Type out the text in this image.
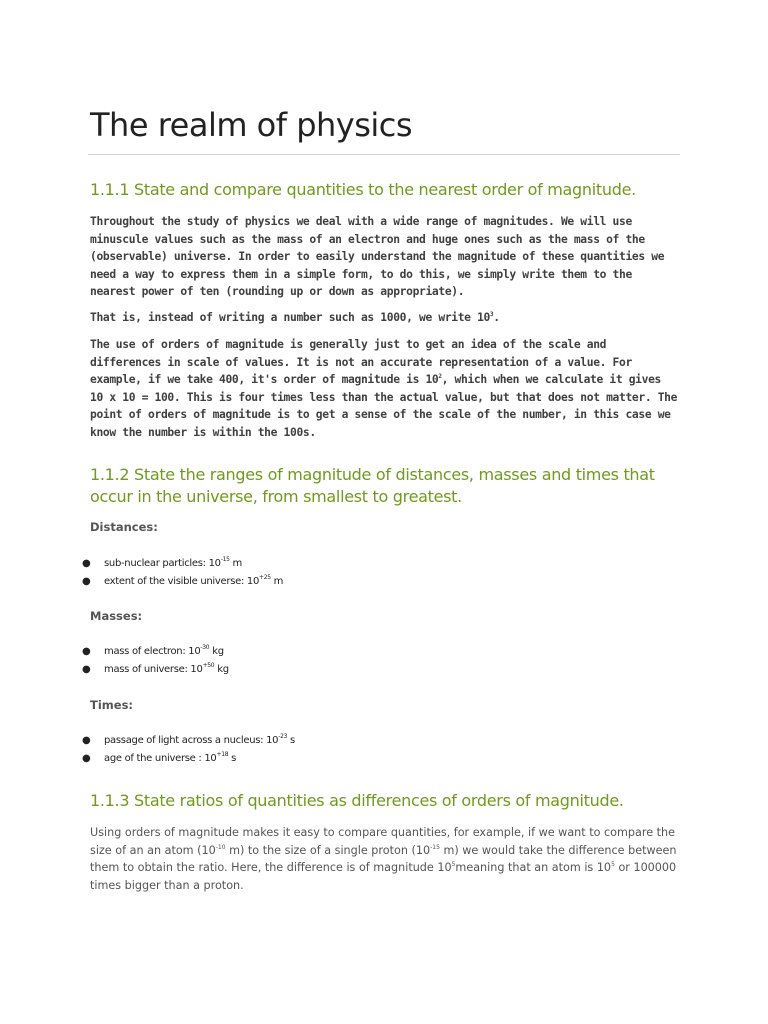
The realm of physics
1.1.1 State and compare quantities to the nearest order of magnitude.

Throughout the study of physics we deal with a wide range of magnitudes. We will use minuscule values such as the mass of an electron and huge ones such as the mass of the (observable) universe. In order to easily understand the magnitude of these quantities we need a way to express them in a simple form, to do this, we simply write them to the nearest power of ten (rounding up or down as appropriate).

That is, instead of writing a number such as 1000, we write $10^3$.

The use of orders of magnitude is generally just to get an idea of the scale and differences in scale of values. It is not an accurate representation of a value. For example, if we take 400, it's order of magnitude is $10^2$, which when we calculate it gives 10 x 10 = 100. This is four times less than the actual value, but that does not matter. The point of orders of magnitude is to get a sense of the scale of the number, in this case we know the number is within the 100s.

1.1.2 State the ranges of magnitude of distances, masses and times that occur in the universe, from smallest to greatest.

Distances:

● sub-nuclear particles: $10^{-15}$ m
● extent of the visible universe: $10^{+25}$ m

Masses:

● mass of electron: $10^{-30}$ kg
● mass of universe: $10^{+50}$ kg

Times:

● passage of light across a nucleus: $10^{-23}$ s
● age of the universe : $10^{+18}$ s
1.1.3 State ratios of quantities as differences of orders of magnitude.

Using orders of magnitude makes it easy to compare quantities, for example, if we want to compare the size of an an atom ($10^{-10}$ m) to the size of a single proton ($10^{-15}$ m) we would take the difference between them to obtain the ratio. Here, the difference is of magnitude $10^5meaning$ that an atom is $10^5$ or 100000 times bigger than a proton.
